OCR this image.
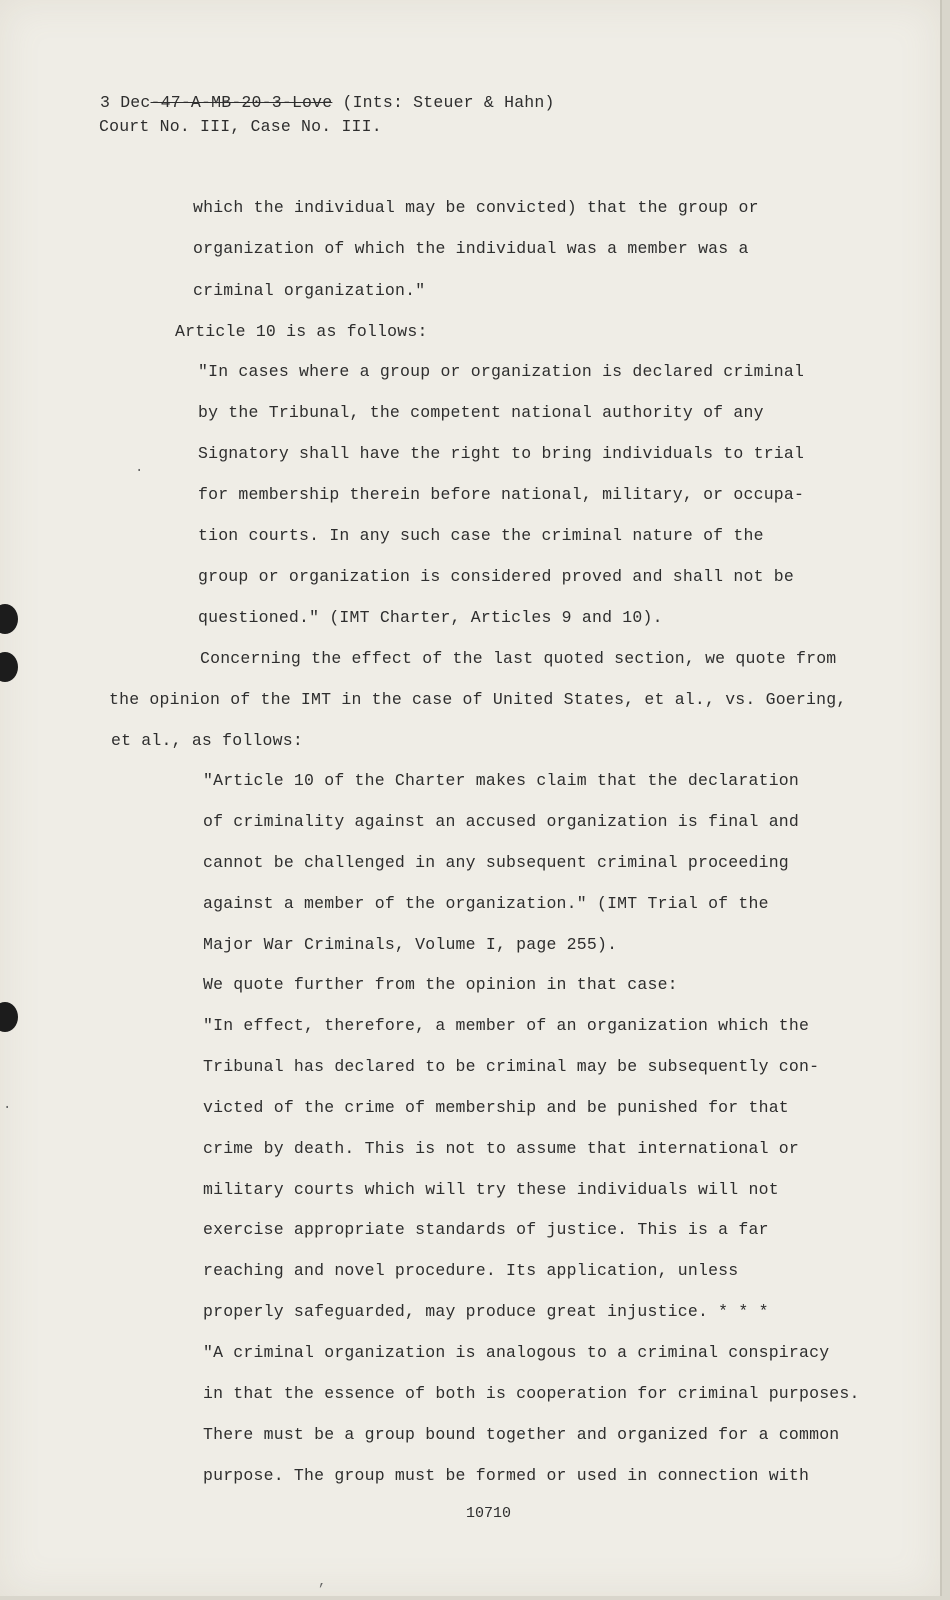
3 Dec-47-A-MB-20-3-Love (Ints: Steuer & Hahn)
Court No. III, Case No. III.
which the individual may be convicted) that the group or
organization of which the individual was a member was a
criminal organization."
Article 10 is as follows:
"In cases where a group or organization is declared criminal
by the Tribunal, the competent national authority of any
Signatory shall have the right to bring individuals to trial
for membership therein before national, military, or occupa-
tion courts. In any such case the criminal nature of the
group or organization is considered proved and shall not be
questioned." (IMT Charter, Articles 9 and 10).
Concerning the effect of the last quoted section, we quote from
the opinion of the IMT in the case of United States, et al., vs. Goering,
et al., as follows:
"Article 10 of the Charter makes claim that the declaration
of criminality against an accused organization is final and
cannot be challenged in any subsequent criminal proceeding
against a member of the organization." (IMT Trial of the
Major War Criminals, Volume I, page 255).
We quote further from the opinion in that case:
"In effect, therefore, a member of an organization which the
Tribunal has declared to be criminal may be subsequently con-
victed of the crime of membership and be punished for that
crime by death. This is not to assume that international or
military courts which will try these individuals will not
exercise appropriate standards of justice. This is a far
reaching and novel procedure. Its application, unless
properly safeguarded, may produce great injustice. * * *
"A criminal organization is analogous to a criminal conspiracy
in that the essence of both is cooperation for criminal purposes.
There must be a group bound together and organized for a common
purpose. The group must be formed or used in connection with
10710
·
·
,
